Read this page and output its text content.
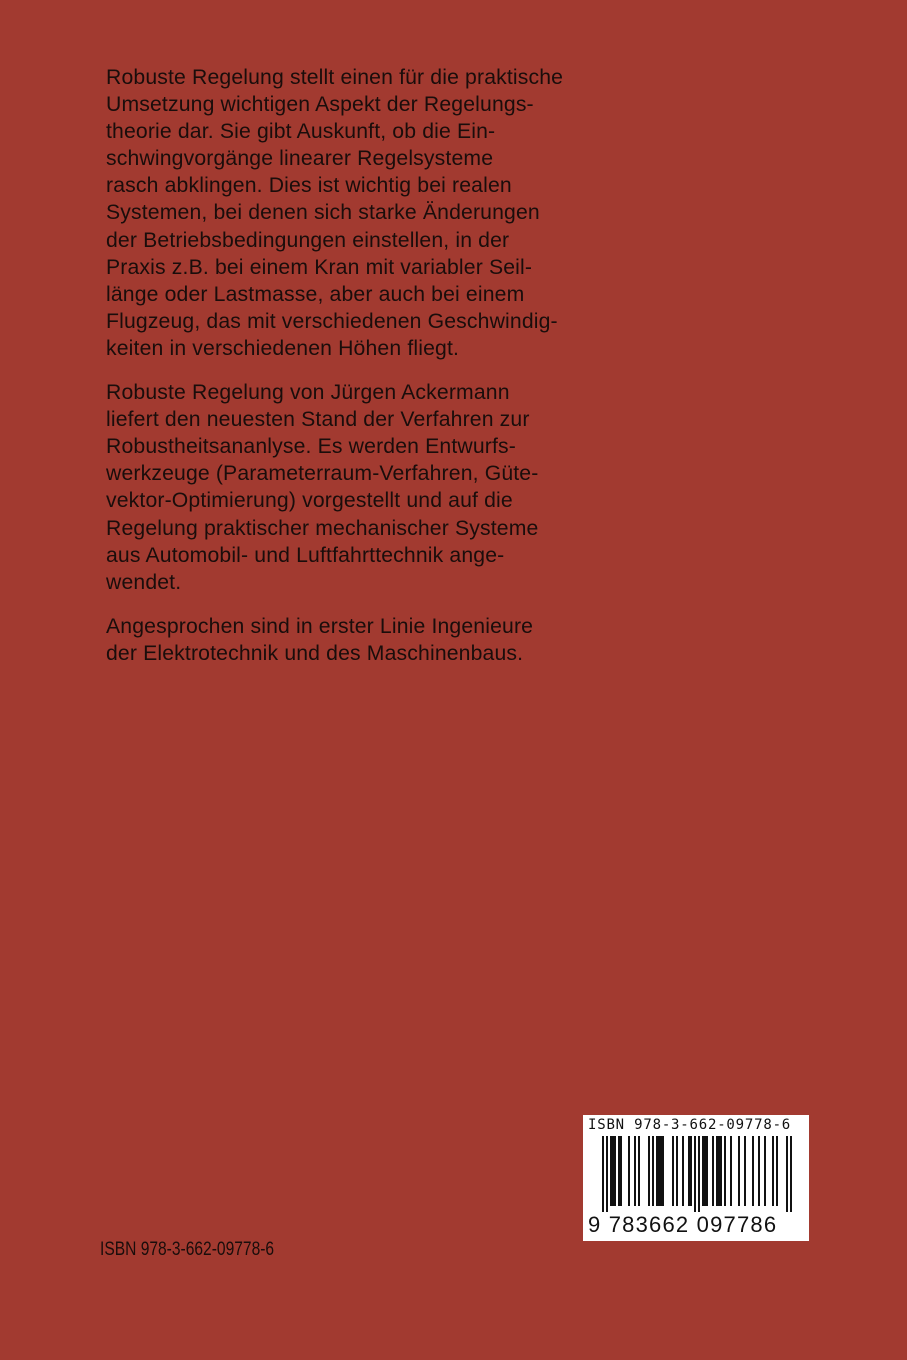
Robuste Regelung stellt einen für die praktische
Umsetzung wichtigen Aspekt der Regelungs-
theorie dar. Sie gibt Auskunft, ob die Ein-
schwingvorgänge linearer Regelsysteme
rasch abklingen. Dies ist wichtig bei realen
Systemen, bei denen sich starke Änderungen
der Betriebsbedingungen einstellen, in der
Praxis z.B. bei einem Kran mit variabler Seil-
länge oder Lastmasse, aber auch bei einem
Flugzeug, das mit verschiedenen Geschwindig-
keiten in verschiedenen Höhen fliegt.

Robuste Regelung von Jürgen Ackermann
liefert den neuesten Stand der Verfahren zur
Robustheitsananlyse. Es werden Entwurfs-
werkzeuge (Parameterraum-Verfahren, Güte-
vektor-Optimierung) vorgestellt und auf die
Regelung praktischer mechanischer Systeme
aus Automobil- und Luftfahrttechnik ange-
wendet.

Angesprochen sind in erster Linie Ingenieure
der Elektrotechnik und des Maschinenbaus.

ISBN 978-3-662-09778-6
9 783662 097786
ISBN 978-3-662-09778-6
